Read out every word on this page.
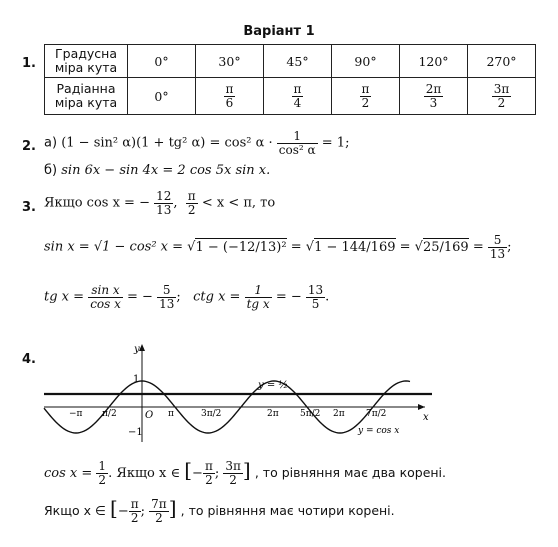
Варіант 1
1.
Градусна
міра кута	0°	30°	45°	90°	120°	270°
Радіанна
міра кута	0°	$\frac{\pi}{6}$	$\frac{\pi}{4}$	$\frac{\pi}{2}$	$\frac{2\pi}{3}$	$\frac{3\pi}{2}$
2. а) (1 − sin² α)(1 + tg² α) = cos² $\alpha \cdot \frac{1}{\text{cos² α}} = 1$;
б) sin 6x − sin 4x = 2 cos 5x sin x.
3. Якщо cos x = − $\frac{12}{13}$ , $\frac{\pi}{2} < x < \pi$, то
sin x = √1 − cos² $x = √1 - (-12/13)^2 = √1 - 144/169 = √25/169 = \frac{5}{13}$ ;
tg $x = \frac{\text{sin x}}{\text{cos x}}$ = − $\frac{5}{13}$ ;   ctg $x = \frac{1}{\text{tg x}}$ = − $\frac{13}{5}$ .
4.
y
x
1
−1
O
y = ½
y = cos x
−π π/2	π	3π/2	2π 5π/2 2π 7π/2
$\cos x = \frac{1}{2}$ . Якщо x ∈ [− $\frac{\pi}{2}$ ; $\frac{3\pi}{2}$ ] , то рівняння має два корені.
Якщо x ∈ [− $\frac{\pi}{2}$ ; $\frac{7\pi}{2}$ ] , то рівняння має чотири корені.
